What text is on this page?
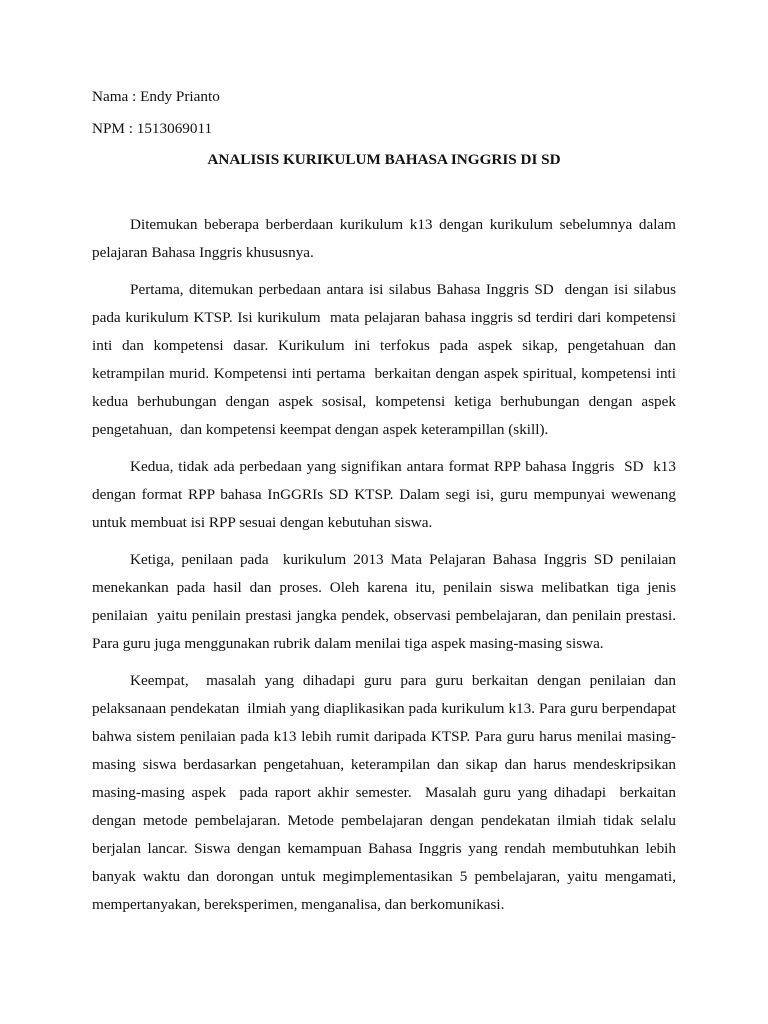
Nama : Endy Prianto

NPM : 1513069011

ANALISIS KURIKULUM BAHASA INGGRIS DI SD

Ditemukan beberapa berberdaan kurikulum k13 dengan kurikulum sebelumnya dalam pelajaran Bahasa Inggris khususnya.

Pertama, ditemukan perbedaan antara isi silabus Bahasa Inggris SD  dengan isi silabus pada kurikulum KTSP. Isi kurikulum  mata pelajaran bahasa inggris sd terdiri dari kompetensi inti dan kompetensi dasar. Kurikulum ini terfokus pada aspek sikap, pengetahuan dan ketrampilan murid. Kompetensi inti pertama  berkaitan dengan aspek spiritual, kompetensi inti kedua berhubungan dengan aspek sosisal, kompetensi ketiga berhubungan dengan aspek pengetahuan,  dan kompetensi keempat dengan aspek keterampillan (skill).

Kedua, tidak ada perbedaan yang signifikan antara format RPP bahasa Inggris  SD  k13 dengan format RPP bahasa InGGRIs SD KTSP. Dalam segi isi, guru mempunyai wewenang untuk membuat isi RPP sesuai dengan kebutuhan siswa.

Ketiga, penilaan pada  kurikulum 2013 Mata Pelajaran Bahasa Inggris SD penilaian menekankan pada hasil dan proses. Oleh karena itu, penilain siswa melibatkan tiga jenis penilaian  yaitu penilain prestasi jangka pendek, observasi pembelajaran, dan penilain prestasi. Para guru juga menggunakan rubrik dalam menilai tiga aspek masing-masing siswa.

Keempat,  masalah yang dihadapi guru para guru berkaitan dengan penilaian dan pelaksanaan pendekatan  ilmiah yang diaplikasikan pada kurikulum k13. Para guru berpendapat bahwa sistem penilaian pada k13 lebih rumit daripada KTSP. Para guru harus menilai masing-masing siswa berdasarkan pengetahuan, keterampilan dan sikap dan harus mendeskripsikan masing-masing aspek  pada raport akhir semester.  Masalah guru yang dihadapi  berkaitan dengan metode pembelajaran. Metode pembelajaran dengan pendekatan ilmiah tidak selalu berjalan lancar. Siswa dengan kemampuan Bahasa Inggris yang rendah membutuhkan lebih banyak waktu dan dorongan untuk megimplementasikan 5 pembelajaran, yaitu mengamati, mempertanyakan, bereksperimen, menganalisa, dan berkomunikasi.
